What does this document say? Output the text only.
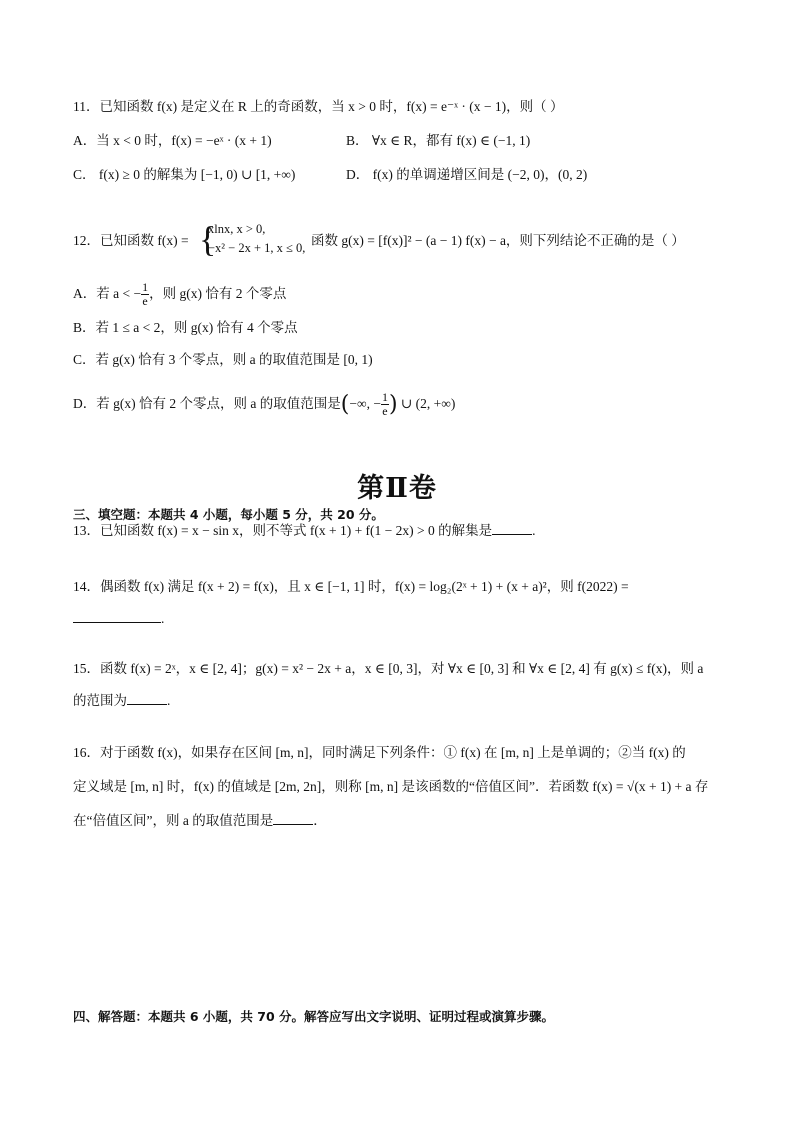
11．已知函数 f(x) 是定义在 R 上的奇函数，当 x > 0 时，f(x) = e⁻ˣ · (x − 1)，则（ ）
A．当 x < 0 时，f(x) = −eˣ · (x + 1)	B． ∀x ∈ R，都有 f(x) ∈ (−1, 1)
C． f(x) ≥ 0 的解集为 [−1, 0) ∪ [1, +∞)	D． f(x) 的单调递增区间是 (−2, 0)，(0, 2)
12．已知函数 f(x) = {
xlnx, x > 0,
−x² − 2x + 1, x ≤ 0, 函数 g(x) = [f(x)]² − (a − 1) f(x) − a，则下列结论不正确的是（ ）
A．若 a < − $\frac{1}{e}$ ，则 g(x) 恰有 2 个零点
B．若 1 ≤ a < 2，则 g(x) 恰有 4 个零点
C．若 g(x) 恰有 3 个零点，则 a 的取值范围是 [0, 1)
D．若 g(x) 恰有 2 个零点，则 a 的取值范围是(−∞, − $\frac{1}{e}$ ) ∪ (2, +∞)
第Ⅱ卷
三、填空题：本题共 4 小题，每小题 5 分，共 20 分。
13．已知函数 f(x) = x − sin x，则不等式 f(x + 1) + f(1 − 2x) > 0 的解集是	.
14．偶函数 f(x) 满足 f(x + 2) = f(x)，且 x ∈ [−1, 1] 时，f(x) = log₂(2ˣ + 1) + (x + a)²，则 f(2022) =
.
15．函数 f(x) = 2ˣ，x ∈ [2, 4]；g(x) = x² − 2x + a，x ∈ [0, 3]，对 ∀x ∈ [0, 3] 和 ∀x ∈ [2, 4] 有 g(x) ≤ f(x)，则 a
的范围为	.
16．对于函数 f(x)，如果存在区间 [m, n]，同时满足下列条件：① f(x) 在 [m, n] 上是单调的；②当 f(x) 的
定义域是 [m, n] 时，f(x) 的值域是 [2m, 2n]，则称 [m, n] 是该函数的“倍值区间”．若函数 f(x) = √(x + 1) + a 存
在“倍值区间”，则 a 的取值范围是	．
四、解答题：本题共 6 小题，共 70 分。解答应写出文字说明、证明过程或演算步骤。
